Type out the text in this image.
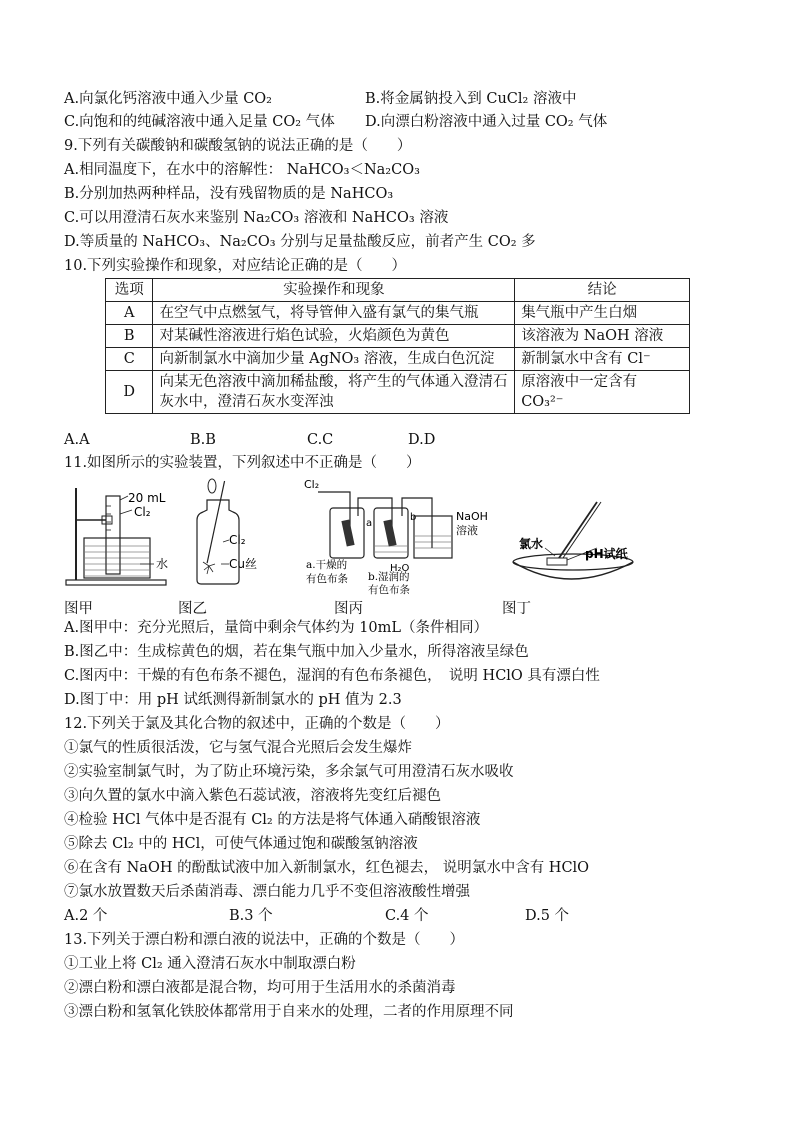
A.向氯化钙溶液中通入少量 CO₂	B.将金属钠投入到 CuCl₂ 溶液中
C.向饱和的纯碱溶液中通入足量 CO₂ 气体 D.向漂白粉溶液中通入过量 CO₂ 气体
9.下列有关碳酸钠和碳酸氢钠的说法正确的是（　　）
A.相同温度下，在水中的溶解性： NaHCO₃＜Na₂CO₃
B.分别加热两种样品，没有残留物质的是 NaHCO₃
C.可以用澄清石灰水来鉴别 Na₂CO₃ 溶液和 NaHCO₃ 溶液
D.等质量的 NaHCO₃、Na₂CO₃ 分别与足量盐酸反应，前者产生 CO₂ 多
10.下列实验操作和现象，对应结论正确的是（　　）
选项	实验操作和现象	结论
A	在空气中点燃氢气，将导管伸入盛有氯气的集气瓶	集气瓶中产生白烟
B	对某碱性溶液进行焰色试验，火焰颜色为黄色	该溶液为 NaOH 溶液
C	向新制氯水中滴加少量 AgNO₃ 溶液，生成白色沉淀	新制氯水中含有 Cl⁻
D	向某无色溶液中滴加稀盐酸，将产生的气体通入澄清石灰水中，澄清石灰水变浑浊	原溶液中一定含有 CO₃²⁻
A.A	B.B	C.C	D.D
11.如图所示的实验装置，下列叙述中不正确是（　　）
20 mL
Cl₂
水
Cl₂
Cu丝
Cl₂
a
b	NaOH
溶液
H₂O
a.干燥的
有色布条 b.湿润的
有色布条
氯水
pH试纸
图甲	图乙	图丙	图丁
A.图甲中：充分光照后，量筒中剩余气体约为 10mL（条件相同）
B.图乙中：生成棕黄色的烟，若在集气瓶中加入少量水，所得溶液呈绿色
C.图丙中：干燥的有色布条不褪色，湿润的有色布条褪色，　说明 HClO 具有漂白性
D.图丁中：用 pH 试纸测得新制氯水的 pH 值为 2.3
12.下列关于氯及其化合物的叙述中，正确的个数是（　　）
①氯气的性质很活泼，它与氢气混合光照后会发生爆炸
②实验室制氯气时，为了防止环境污染，多余氯气可用澄清石灰水吸收
③向久置的氯水中滴入紫色石蕊试液，溶液将先变红后褪色
④检验 HCl 气体中是否混有 Cl₂ 的方法是将气体通入硝酸银溶液
⑤除去 Cl₂ 中的 HCl，可使气体通过饱和碳酸氢钠溶液
⑥在含有 NaOH 的酚酞试液中加入新制氯水，红色褪去， 说明氯水中含有 HClO
⑦氯水放置数天后杀菌消毒、漂白能力几乎不变但溶液酸性增强
A.2 个	B.3 个	C.4 个	D.5 个
13.下列关于漂白粉和漂白液的说法中，正确的个数是（　　）
①工业上将 Cl₂ 通入澄清石灰水中制取漂白粉
②漂白粉和漂白液都是混合物，均可用于生活用水的杀菌消毒
③漂白粉和氢氧化铁胶体都常用于自来水的处理，二者的作用原理不同
